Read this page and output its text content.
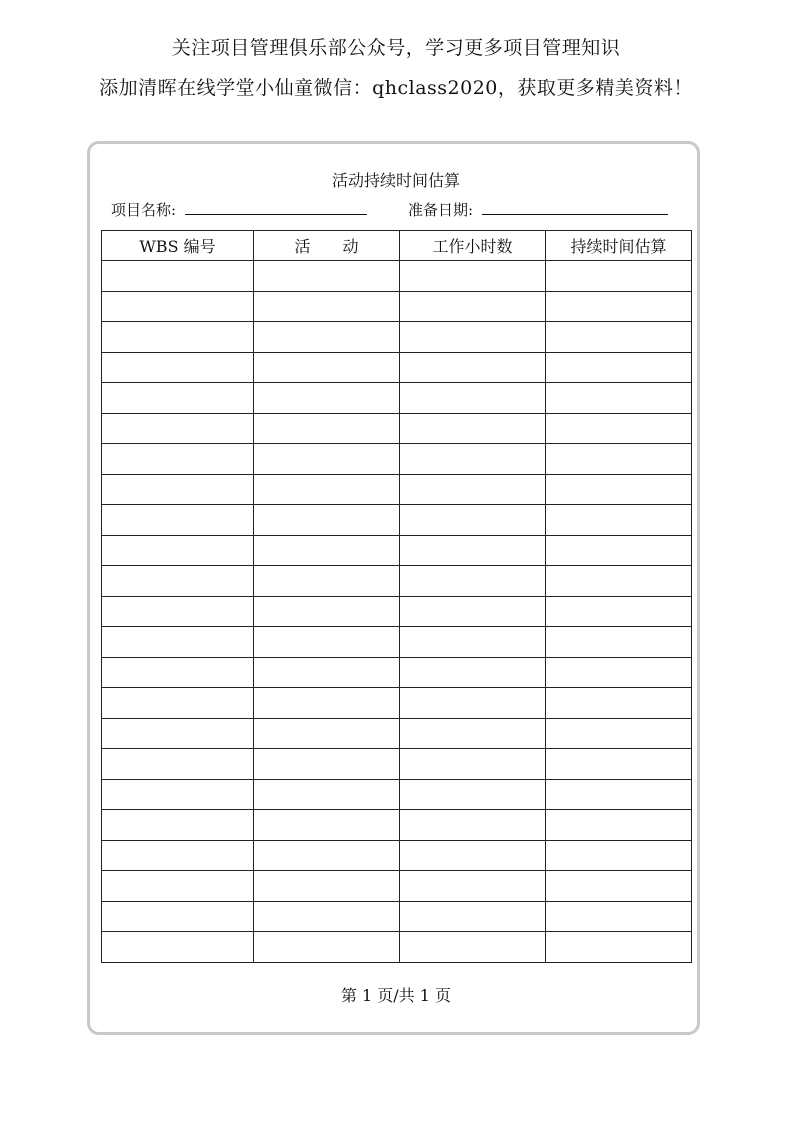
关注项目管理俱乐部公众号，学习更多项目管理知识
添加清晖在线学堂小仙童微信：qhclass2020，获取更多精美资料！
活动持续时间估算
项目名称:	准备日期:
WBS 编号	活　　动	工作小时数	持续时间估算

第 1 页/共 1 页
